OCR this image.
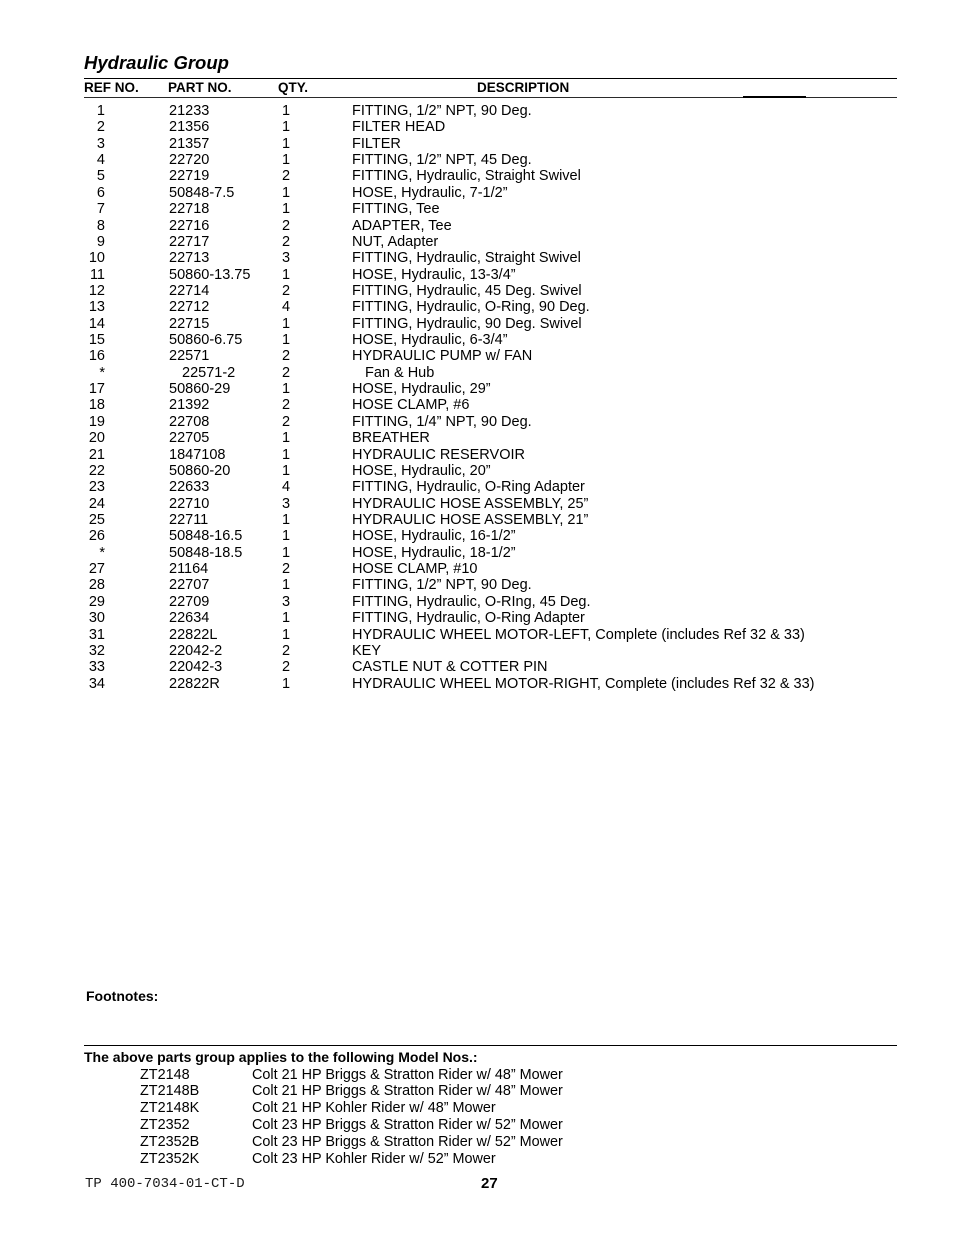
Hydraulic Group
REF NO. PART NO.	QTY.	DESCRIPTION
1	21233	1	FITTING, 1/2” NPT, 90 Deg.
2	21356	1	FILTER HEAD
3	21357	1	FILTER
4	22720	1	FITTING, 1/2” NPT, 45 Deg.
5	22719	2	FITTING, Hydraulic, Straight Swivel
6	50848-7.5	1	HOSE, Hydraulic, 7-1/2”
7	22718	1	FITTING, Tee
8	22716	2	ADAPTER, Tee
9	22717	2	NUT, Adapter
10	22713	3	FITTING, Hydraulic, Straight Swivel
11	50860-13.75	1	HOSE, Hydraulic, 13-3/4”
12	22714	2	FITTING, Hydraulic, 45 Deg. Swivel
13	22712	4	FITTING, Hydraulic, O-Ring, 90 Deg.
14	22715	1	FITTING, Hydraulic, 90 Deg. Swivel
15	50860-6.75	1	HOSE, Hydraulic, 6-3/4”
16	22571	2	HYDRAULIC PUMP w/ FAN
*	22571-2	2	Fan & Hub
17	50860-29	1	HOSE, Hydraulic, 29”
18	21392	2	HOSE CLAMP, #6
19	22708	2	FITTING, 1/4” NPT, 90 Deg.
20	22705	1	BREATHER
21	1847108	1	HYDRAULIC RESERVOIR
22	50860-20	1	HOSE, Hydraulic, 20”
23	22633	4	FITTING, Hydraulic, O-Ring Adapter
24	22710	3	HYDRAULIC HOSE ASSEMBLY, 25”
25	22711	1	HYDRAULIC HOSE ASSEMBLY, 21”
26	50848-16.5	1	HOSE, Hydraulic, 16-1/2”
*	50848-18.5	1	HOSE, Hydraulic, 18-1/2”
27	21164	2	HOSE CLAMP, #10
28	22707	1	FITTING, 1/2” NPT, 90 Deg.
29	22709	3	FITTING, Hydraulic, O-RIng, 45 Deg.
30	22634	1	FITTING, Hydraulic, O-Ring Adapter
31	22822L	1	HYDRAULIC WHEEL MOTOR-LEFT, Complete (includes Ref 32 & 33)
32	22042-2	2	KEY
33	22042-3	2	CASTLE NUT & COTTER PIN
34	22822R	1	HYDRAULIC WHEEL MOTOR-RIGHT, Complete (includes Ref 32 & 33)
Footnotes:
The above parts group applies to the following Model Nos.:
ZT2148	Colt 21 HP Briggs & Stratton Rider w/ 48” Mower
ZT2148B	Colt 21 HP Briggs & Stratton Rider w/ 48” Mower
ZT2148K	Colt 21 HP Kohler Rider w/ 48” Mower
ZT2352	Colt 23 HP Briggs & Stratton Rider w/ 52” Mower
ZT2352B	Colt 23 HP Briggs & Stratton Rider w/ 52” Mower
ZT2352K	Colt 23 HP Kohler Rider w/ 52” Mower
TP 400-7034-01-CT-D	27
